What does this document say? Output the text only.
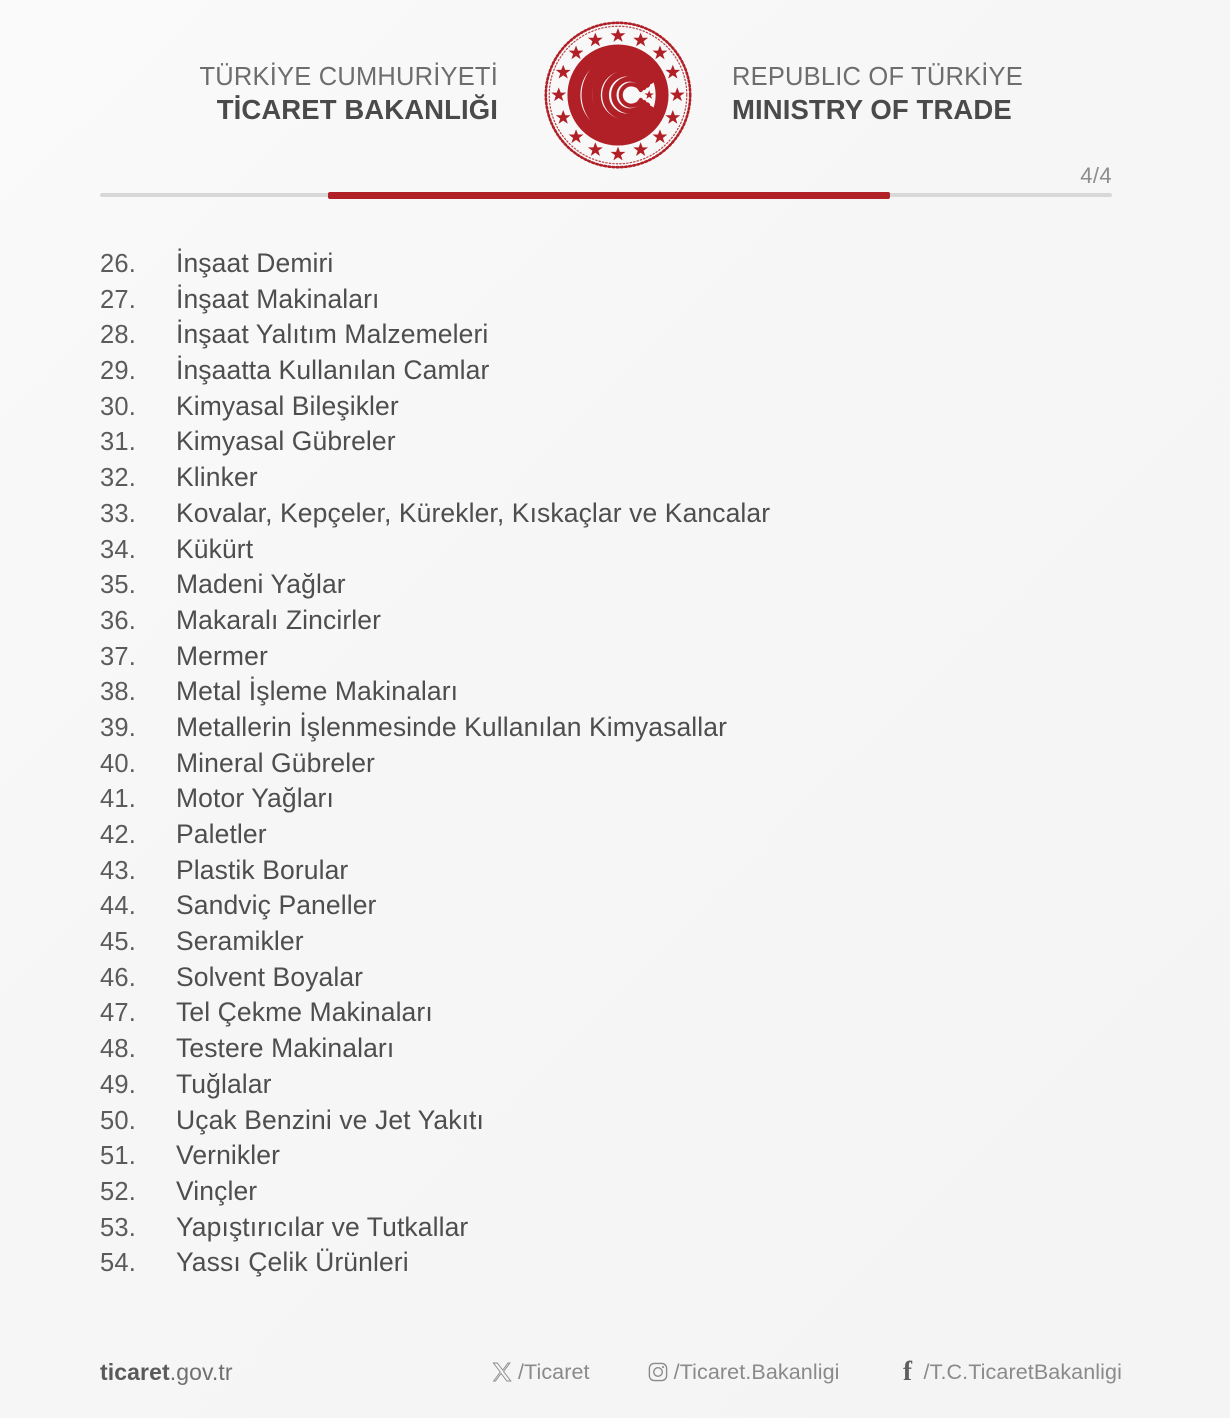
TÜRKİYE CUMHURİYETİ
TİCARET BAKANLIĞI
REPUBLIC OF TÜRKİYE
MINISTRY OF TRADE
4/4
26.	İnşaat Demiri
27.	İnşaat Makinaları
28.	İnşaat Yalıtım Malzemeleri
29.	İnşaatta Kullanılan Camlar
30.	Kimyasal Bileşikler
31.	Kimyasal Gübreler
32.	Klinker
33.	Kovalar, Kepçeler, Kürekler, Kıskaçlar ve Kancalar
34.	Kükürt
35.	Madeni Yağlar
36.	Makaralı Zincirler
37.	Mermer
38.	Metal İşleme Makinaları
39.	Metallerin İşlenmesinde Kullanılan Kimyasallar
40.	Mineral Gübreler
41.	Motor Yağları
42.	Paletler
43.	Plastik Borular
44.	Sandviç Paneller
45.	Seramikler
46.	Solvent Boyalar
47.	Tel Çekme Makinaları
48.	Testere Makinaları
49.	Tuğlalar
50.	Uçak Benzini ve Jet Yakıtı
51.	Vernikler
52.	Vinçler
53.	Yapıştırıcılar ve Tutkallar
54.	Yassı Çelik Ürünleri
ticaret.gov.tr	/Ticaret	/Ticaret.Bakanligi f /T.C.TicaretBakanligi
